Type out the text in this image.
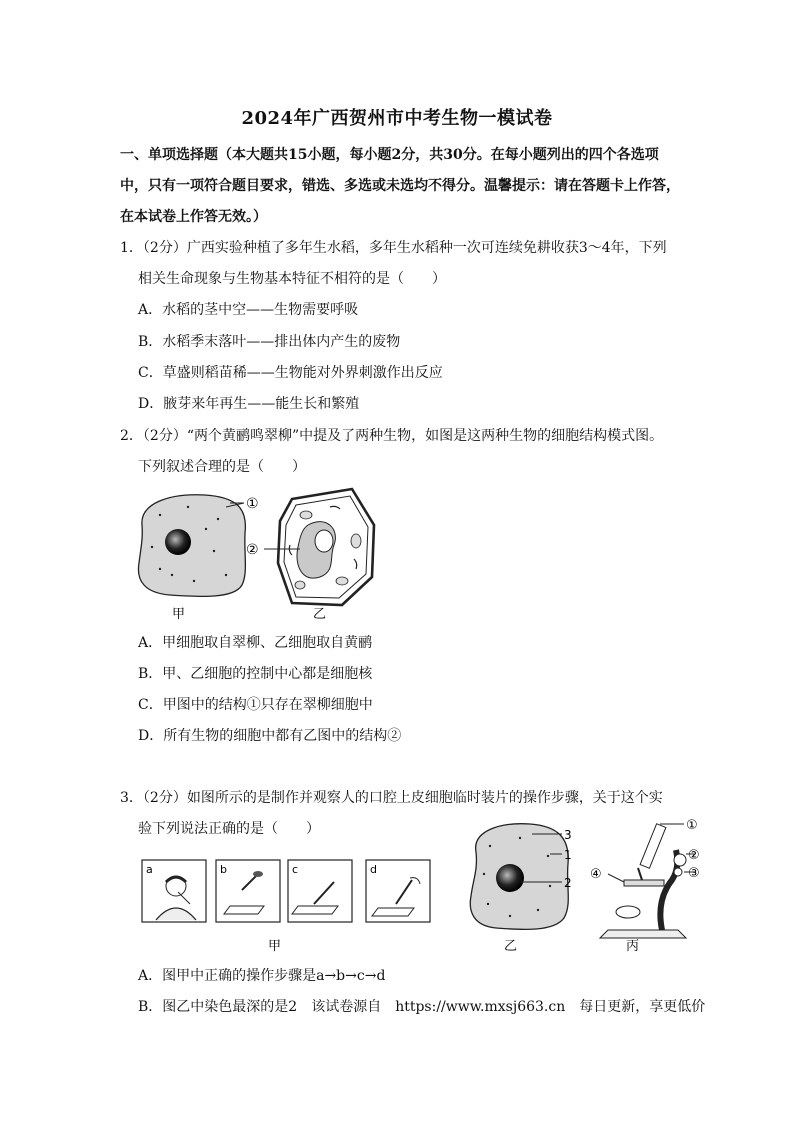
2024年广西贺州市中考生物一模试卷
一、单项选择题（本大题共15小题，每小题2分，共30分。在每小题列出的四个各选项
中，只有一项符合题目要求，错选、多选或未选均不得分。温馨提示：请在答题卡上作答，
在本试卷上作答无效。）
1．（2分）广西实验种植了多年生水稻，多年生水稻种一次可连续免耕收获3～4年，下列
相关生命现象与生物基本特征不相符的是（　　）
A．水稻的茎中空——生物需要呼吸
B．水稻季末落叶——排出体内产生的废物
C．草盛则稻苗稀——生物能对外界刺激作出反应
D．腋芽来年再生——能生长和繁殖
2．（2分）“两个黄鹂鸣翠柳”中提及了两种生物，如图是这两种生物的细胞结构模式图。
下列叙述合理的是（　　）
①
甲
②
乙
A．甲细胞取自翠柳、乙细胞取自黄鹂
B．甲、乙细胞的控制中心都是细胞核
C．甲图中的结构①只存在翠柳细胞中
D．所有生物的细胞中都有乙图中的结构②
3．（2分）如图所示的是制作并观察人的口腔上皮细胞临时装片的操作步骤，关于这个实
验下列说法正确的是（　　）
a	b	c	d
甲
3
1
2
乙
①
②
③
④
丙
A．图甲中正确的操作步骤是a→b→c→d
B．图乙中染色最深的是2　该试卷源自　https://www.mxsj663.cn　每日更新，享更低价
